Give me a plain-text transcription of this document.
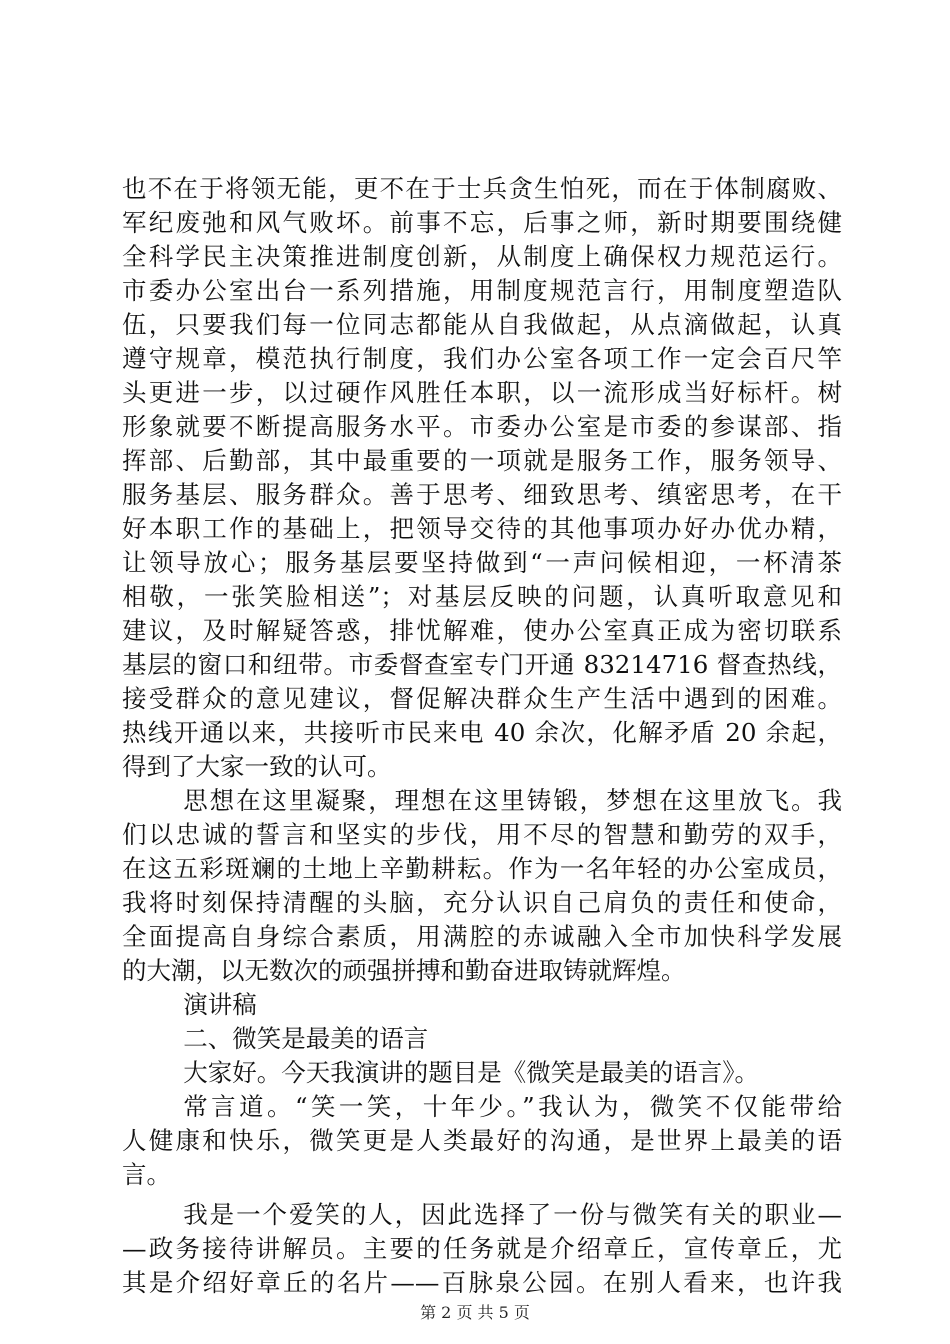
也不在于将领无能，更不在于士兵贪生怕死，而在于体制腐败、
军纪废弛和风气败坏。前事不忘，后事之师，新时期要围绕健
全科学民主决策推进制度创新，从制度上确保权力规范运行。
市委办公室出台一系列措施，用制度规范言行，用制度塑造队
伍，只要我们每一位同志都能从自我做起，从点滴做起，认真
遵守规章，模范执行制度，我们办公室各项工作一定会百尺竿
头更进一步，以过硬作风胜任本职，以一流形成当好标杆。树
形象就要不断提高服务水平。市委办公室是市委的参谋部、指
挥部、后勤部，其中最重要的一项就是服务工作，服务领导、
服务基层、服务群众。善于思考、细致思考、缜密思考，在干
好本职工作的基础上，把领导交待的其他事项办好办优办精，
让领导放心；服务基层要坚持做到“一声问候相迎，一杯清茶
相敬，一张笑脸相送”；对基层反映的问题，认真听取意见和
建议，及时解疑答惑，排忧解难，使办公室真正成为密切联系
基层的窗口和纽带。市委督查室专门开通 83214716 督查热线，
接受群众的意见建议，督促解决群众生产生活中遇到的困难。
热线开通以来，共接听市民来电 40 余次，化解矛盾 20 余起，
得到了大家一致的认可。
思想在这里凝聚，理想在这里铸锻，梦想在这里放飞。我
们以忠诚的誓言和坚实的步伐，用不尽的智慧和勤劳的双手，
在这五彩斑斓的土地上辛勤耕耘。作为一名年轻的办公室成员，
我将时刻保持清醒的头脑，充分认识自己肩负的责任和使命，
全面提高自身综合素质，用满腔的赤诚融入全市加快科学发展
的大潮，以无数次的顽强拼搏和勤奋进取铸就辉煌。
演讲稿
二、微笑是最美的语言
大家好。今天我演讲的题目是《微笑是最美的语言》。
常言道。“笑一笑，十年少。”我认为，微笑不仅能带给
人健康和快乐，微笑更是人类最好的沟通，是世界上最美的语
言。
我是一个爱笑的人，因此选择了一份与微笑有关的职业—
—政务接待讲解员。主要的任务就是介绍章丘，宣传章丘，尤
其是介绍好章丘的名片——百脉泉公园。在别人看来，也许我
第 2 页 共 5 页
